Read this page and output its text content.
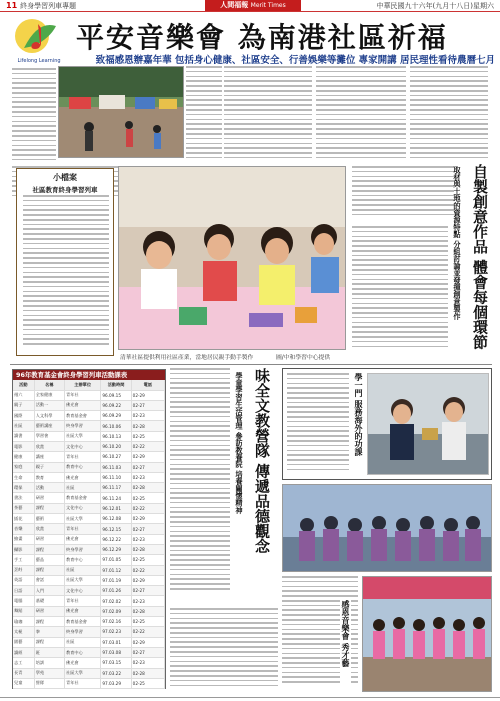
11 終身學習列車專題	人間福報 Merit Times	中華民國九十六年(九月十八日)星期六
Lifelong Learning
平安音樂會 為南港社區祈福
致福感恩辦嘉年華 包括身心健康、社區安全、行善娛樂等攤位 專家開講 居民理性看待農曆七月
小檔案
社區教育終身學習列車
清華社區提供利用社區產業，當地居民親手動手製作	圖/中和學習中心提供
自製創意作品 體會每個環節
取材與土地的資源特點 分組討論並發揮創意製作
96年教育基金會終身學習列車活動課表
活動	名稱	主辦單位	活動時間	電話
週六	全家健康	青年社	96.09.15	02-29
親子	活動一	佛光會	96.09.22	02-27
國際	人文科學	教育基金會	96.09.29	02-23
社區	藝術講座	終身學習	96.10.06	02-28
讀書	學習會	社區大學	96.10.13	02-25
電影	欣賞	文化中心	96.10.20	02-22
健康	講座	青年社	96.10.27	02-29
家庭	親子	教育中心	96.11.03	02-27
生命	教育	佛光會	96.11.10	02-23
環保	活動	社區	96.11.17	02-28
書法	研習	教育基金會	96.11.24	02-25
茶藝	課程	文化中心	96.12.01	02-22
插花	藝術	社區大學	96.12.08	02-29
音樂	欣賞	青年社	96.12.15	02-27
繪畫	研習	佛光會	96.12.22	02-23
攝影	課程	終身學習	96.12.29	02-28
手工	藝品	教育中心	97.01.05	02-25
烹飪	課程	社區	97.01.12	02-22
英語	會話	社區大學	97.01.19	02-29
日語	入門	文化中心	97.01.26	02-27
電腦	基礎	青年社	97.02.02	02-23
舞蹈	研習	佛光會	97.02.09	02-28
瑜珈	課程	教育基金會	97.02.16	02-25
太極	拳	終身學習	97.02.23	02-22
園藝	課程	社區	97.03.01	02-29
讀經	班	教育中心	97.03.08	02-27
志工	培訓	佛光會	97.03.15	02-23
長青	學苑	社區大學	97.03.22	02-28
兒童	營隊	青年社	97.03.29	02-25
味全文教營隊 傳遞品德觀念
學童學習生活管理 參訪教養院 培養關懷精神	學一門 服務海外的功課
感恩音樂會 秀才藝
